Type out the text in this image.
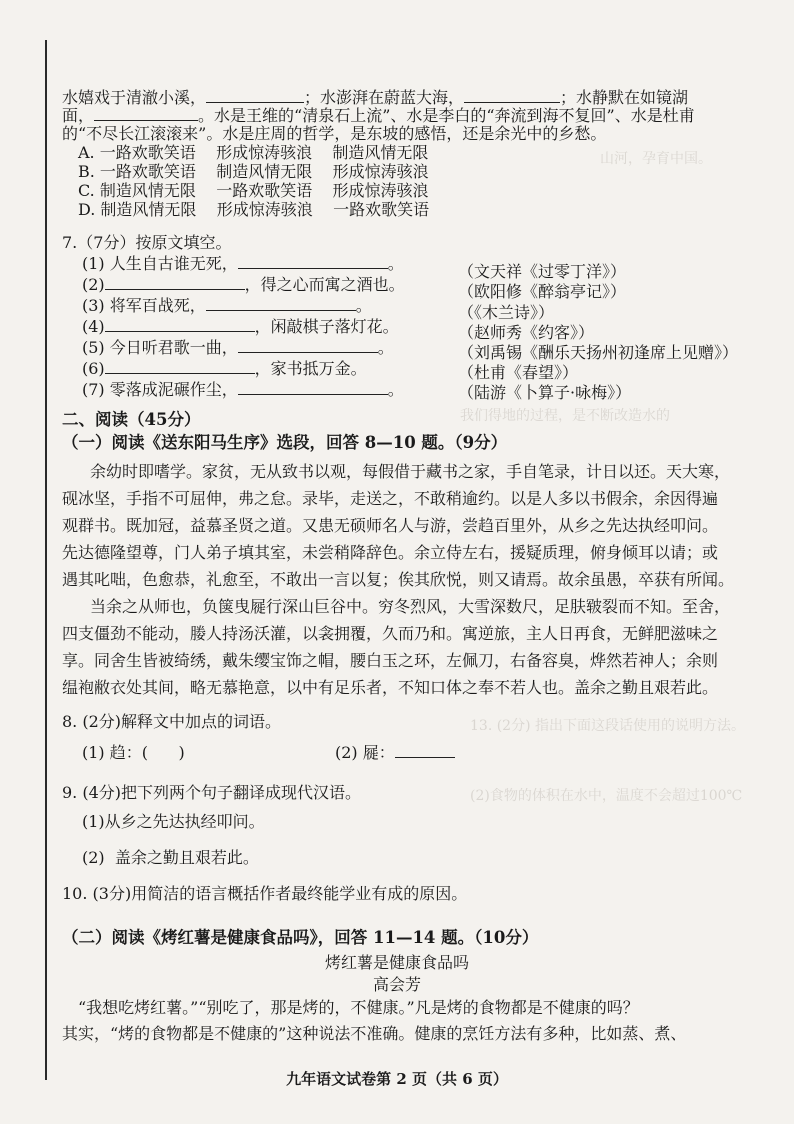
山河，孕育中国。
我们得地的过程，是不断改造水的
13. (2分) 指出下面这段话使用的说明方法。
(2)食物的体积在水中，温度不会超过100℃
水嬉戏于清澈小溪，	；水澎湃在蔚蓝大海，	；水静默在如镜湖
面，	。水是王维的“清泉石上流”、水是李白的“奔流到海不复回”、水是杜甫
的“不尽长江滚滚来”。水是庄周的哲学，是东坡的感悟，还是余光中的乡愁。
A. 一路欢歌笑语    形成惊涛骇浪    制造风情无限
B. 一路欢歌笑语    制造风情无限    形成惊涛骇浪
C. 制造风情无限    一路欢歌笑语    形成惊涛骇浪
D. 制造风情无限    形成惊涛骇浪    一路欢歌笑语
7.（7分）按原文填空。
(1) 人生自古谁无死，	。	（文天祥《过零丁洋》）
(2)	，得之心而寓之酒也。	（欧阳修《醉翁亭记》）
(3) 将军百战死，	。	（《木兰诗》）
(4)	，闲敲棋子落灯花。	（赵师秀《约客》）
(5) 今日听君歌一曲，	。	（刘禹锡《酬乐天扬州初逢席上见赠》）
(6)	，家书抵万金。	（杜甫《春望》）
(7) 零落成泥碾作尘，	。	（陆游《卜算子·咏梅》）
二、阅读（45分）
（一）阅读《送东阳马生序》选段，回答 8—10 题。（9分）
余幼时即嗜学。家贫，无从致书以观，每假借于藏书之家，手自笔录，计日以还。天大寒，
砚冰坚，手指不可屈伸，弗之怠。录毕，走送之，不敢稍逾约。以是人多以书假余，余因得遍
观群书。既加冠，益慕圣贤之道。又患无硕师名人与游，尝趋百里外，从乡之先达执经叩问。
先达德隆望尊，门人弟子填其室，未尝稍降辞色。余立侍左右，援疑质理，俯身倾耳以请；或
遇其叱咄，色愈恭，礼愈至，不敢出一言以复；俟其欣悦，则又请焉。故余虽愚，卒获有所闻。
当余之从师也，负箧曳屣行深山巨谷中。穷冬烈风，大雪深数尺，足肤皲裂而不知。至舍，
四支僵劲不能动，媵人持汤沃灌，以衾拥覆，久而乃和。寓逆旅，主人日再食，无鲜肥滋味之
享。同舍生皆被绮绣，戴朱缨宝饰之帽，腰白玉之环，左佩刀，右备容臭，烨然若神人；余则
缊袍敝衣处其间，略无慕艳意，以中有足乐者，不知口体之奉不若人也。盖余之勤且艰若此。
8. (2分)解释文中加点的词语。
(1) 趋：(      )	(2) 屣：
9. (4分)把下列两个句子翻译成现代汉语。
(1)从乡之先达执经叩问。
(2)  盖余之勤且艰若此。
10. (3分)用简洁的语言概括作者最终能学业有成的原因。
（二）阅读《烤红薯是健康食品吗》，回答 11—14 题。（10分）
烤红薯是健康食品吗
高会芳
“我想吃烤红薯。”“别吃了，那是烤的，不健康。”凡是烤的食物都是不健康的吗？
其实，“烤的食物都是不健康的”这种说法不准确。健康的烹饪方法有多种，比如蒸、煮、
九年语文试卷第 2 页（共 6 页）
